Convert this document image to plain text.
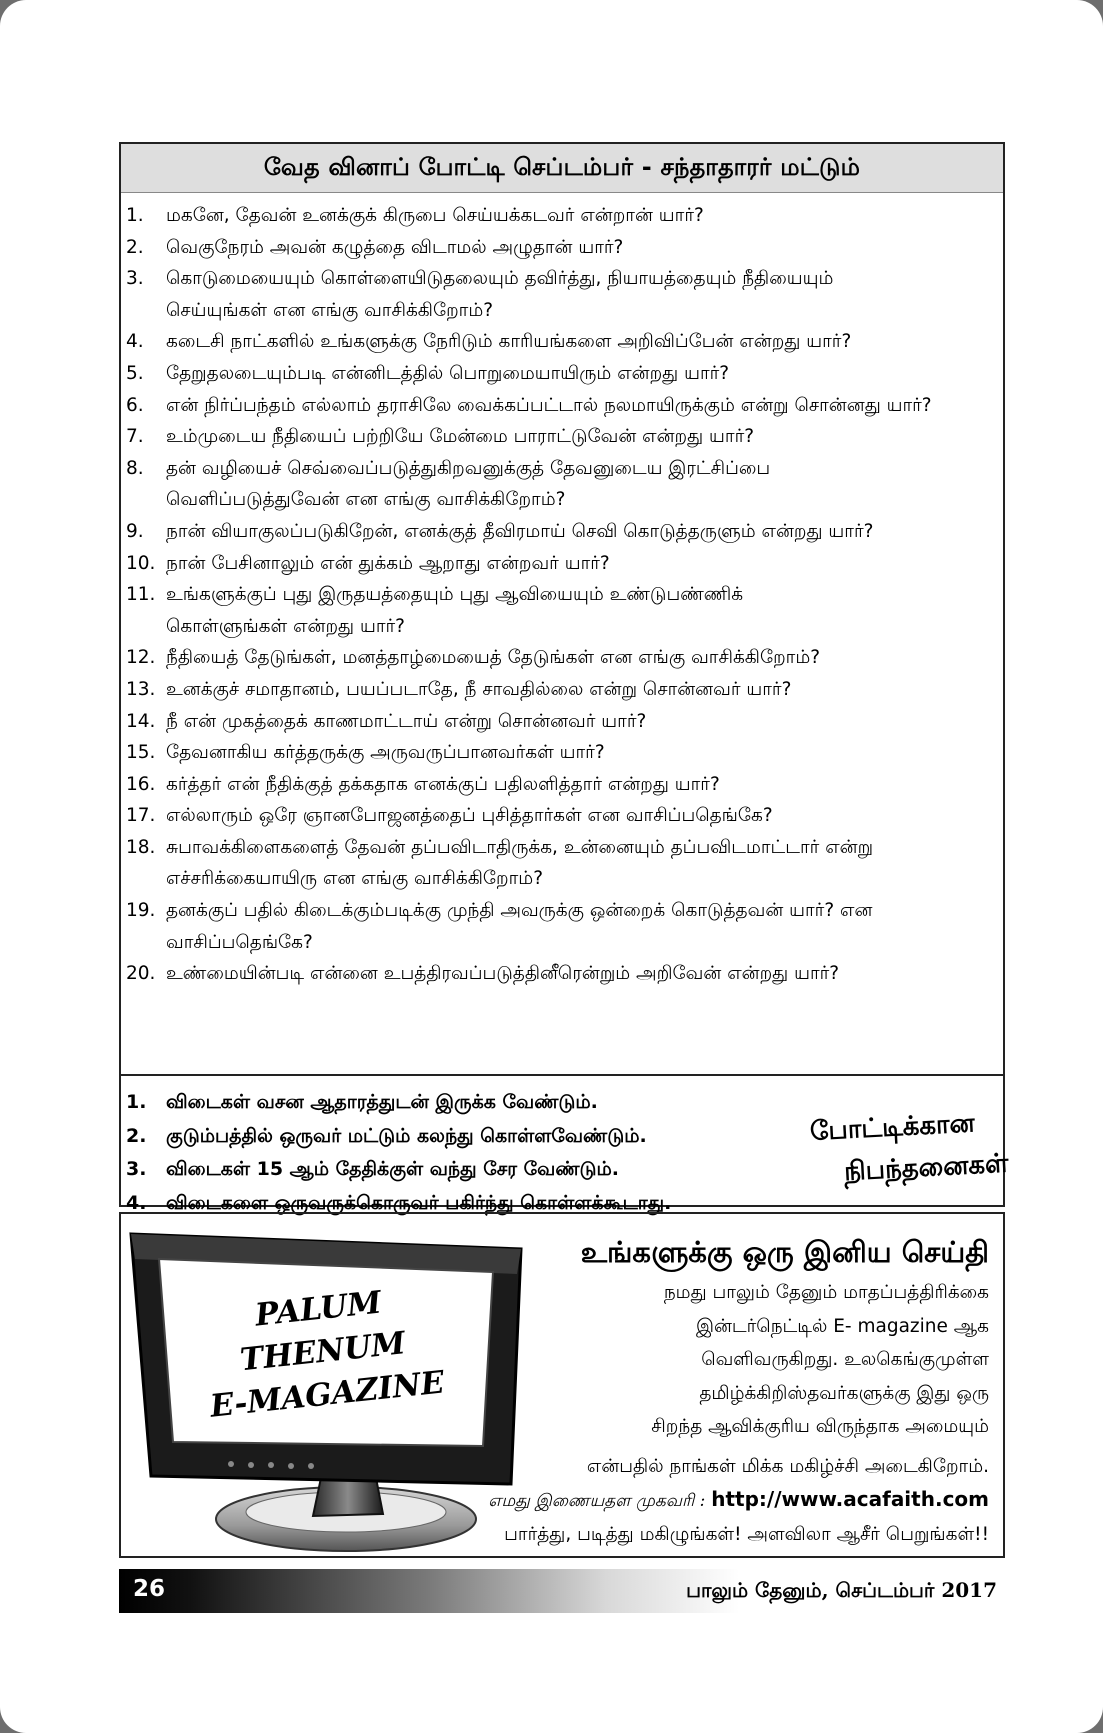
வேத வினாப் போட்டி செப்டம்பர் - சந்தாதாரர் மட்டும்
1.	மகனே, தேவன் உனக்குக் கிருபை செய்யக்கடவர் என்றான் யார்?
2.	வெகுநேரம் அவன் கழுத்தை விடாமல் அழுதான் யார்?
3.	கொடுமையையும் கொள்ளையிடுதலையும் தவிர்த்து, நியாயத்தையும் நீதியையும்
செய்யுங்கள் என எங்கு வாசிக்கிறோம்?
4.	கடைசி நாட்களில் உங்களுக்கு நேரிடும் காரியங்களை அறிவிப்பேன் என்றது யார்?
5.	தேறுதலடையும்படி என்னிடத்தில் பொறுமையாயிரும் என்றது யார்?
6.	என் நிர்ப்பந்தம் எல்லாம் தராசிலே வைக்கப்பட்டால் நலமாயிருக்கும் என்று சொன்னது யார்?
7.	உம்முடைய நீதியைப் பற்றியே மேன்மை பாராட்டுவேன் என்றது யார்?
8.	தன் வழியைச் செவ்வைப்படுத்துகிறவனுக்குத் தேவனுடைய இரட்சிப்பை
வெளிப்படுத்துவேன் என எங்கு வாசிக்கிறோம்?
9.	நான் வியாகுலப்படுகிறேன், எனக்குத் தீவிரமாய் செவி கொடுத்தருளும் என்றது யார்?
10. நான் பேசினாலும் என் துக்கம் ஆறாது என்றவர் யார்?
11. உங்களுக்குப் புது இருதயத்தையும் புது ஆவியையும் உண்டுபண்ணிக்
கொள்ளுங்கள் என்றது யார்?
12. நீதியைத் தேடுங்கள், மனத்தாழ்மையைத் தேடுங்கள் என எங்கு வாசிக்கிறோம்?
13. உனக்குச் சமாதானம், பயப்படாதே, நீ சாவதில்லை என்று சொன்னவர் யார்?
14. நீ என் முகத்தைக் காணமாட்டாய் என்று சொன்னவர் யார்?
15. தேவனாகிய கர்த்தருக்கு அருவருப்பானவர்கள் யார்?
16. கர்த்தர் என் நீதிக்குத் தக்கதாக எனக்குப் பதிலளித்தார் என்றது யார்?
17. எல்லாரும் ஒரே ஞானபோஜனத்தைப் புசித்தார்கள் என வாசிப்பதெங்கே?
18. சுபாவக்கிளைகளைத் தேவன் தப்பவிடாதிருக்க, உன்னையும் தப்பவிடமாட்டார் என்று
எச்சரிக்கையாயிரு என எங்கு வாசிக்கிறோம்?
19. தனக்குப் பதில் கிடைக்கும்படிக்கு முந்தி அவருக்கு ஒன்றைக் கொடுத்தவன் யார்? என
வாசிப்பதெங்கே?
20. உண்மையின்படி என்னை உபத்திரவப்படுத்தினீரென்றும் அறிவேன் என்றது யார்?
1.	விடைகள் வசன ஆதாரத்துடன் இருக்க வேண்டும்.
2.	குடும்பத்தில் ஒருவர் மட்டும் கலந்து கொள்ளவேண்டும்.
3.	விடைகள் 15 ஆம் தேதிக்குள் வந்து சேர வேண்டும்.
4.	விடைகளை ஒருவருக்கொருவர் பகிர்ந்து கொள்ளக்கூடாது.
போட்டிக்கான
நிபந்தனைகள்
PALUM
THENUM
E-MAGAZINE
உங்களுக்கு ஒரு இனிய செய்தி
நமது பாலும் தேனும் மாதப்பத்திரிக்கை
இன்டர்நெட்டில் E- magazine ஆக
வெளிவருகிறது. உலகெங்குமுள்ள
தமிழ்க்கிறிஸ்தவர்களுக்கு இது ஒரு
சிறந்த ஆவிக்குரிய விருந்தாக அமையும்
என்பதில் நாங்கள் மிக்க மகிழ்ச்சி அடைகிறோம்.
எமது இணையதள முகவரி : http://www.acafaith.com
பார்த்து, படித்து மகிழுங்கள்! அளவிலா ஆசீர் பெறுங்கள்!!
26	பாலும் தேனும், செப்டம்பர் 2017
